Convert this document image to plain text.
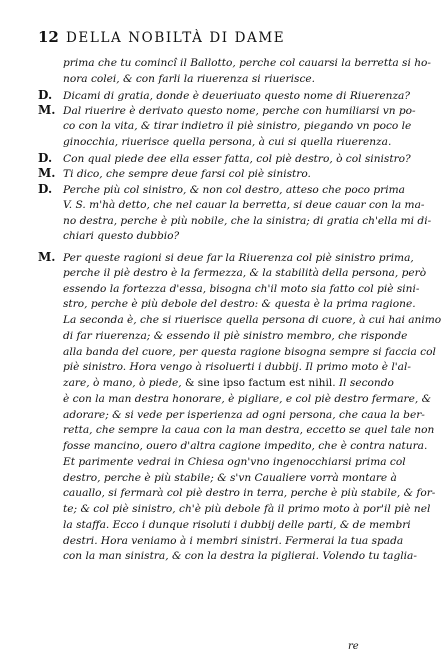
12 DELLA NOBILTÀ DI DAME
prima che tu comincî il Ballotto, perche col cauarsi la berretta si ho-
nora colei, & con farli la riuerenza si riuerisce.
D. Dicami di gratia, donde è deueriuato questo nome di Riuerenza?
M. Dal riuerire è derivato questo nome, perche con humiliarsi vn po-
co con la vita, & tirar indietro il piè sinistro, piegando vn poco le
ginocchia, riuerisce quella persona, à cui si quella riuerenza.
D. Con qual piede dee ella esser fatta, col piè destro, ò col sinistro?
M. Ti dico, che sempre deue farsi col piè sinistro.
D. Perche più col sinistro, & non col destro, atteso che poco prima
V. S. m'hà detto, che nel cauar la berretta, si deue cauar con la ma-
no destra, perche è più nobile, che la sinistra; di gratia ch'ella mi di-
chiari questo dubbio?
M. Per queste ragioni si deue far la Riuerenza col piè sinistro prima,
perche il piè destro è la fermezza, & la stabilità della persona, però
essendo la fortezza d'essa, bisogna ch'il moto sia fatto col piè sini-
stro, perche è più debole del destro: & questa è la prima ragione.
La seconda è, che si riuerisce quella persona di cuore, à cui hai animo
di far riuerenza; & essendo il piè sinistro membro, che risponde
alla banda del cuore, per questa ragione bisogna sempre si faccia col
piè sinistro. Hora vengo à risoluerti i dubbij. Il primo moto è l'al-
zare, ò mano, ò piede, & sine ipso factum est nihil. Il secondo
è con la man destra honorare, è pigliare, e col piè destro fermare, &
adorare; & si vede per isperienza ad ogni persona, che caua la ber-
retta, che sempre la caua con la man destra, eccetto se quel tale non
fosse mancino, ouero d'altra cagione impedito, che è contra natura.
Et parimente vedrai in Chiesa ogn'vno ingenocchiarsi prima col
destro, perche è più stabile; & s'vn Caualiere vorrà montare à
cauallo, si fermarà col piè destro in terra, perche è più stabile, & for-
te; & col piè sinistro, ch'è più debole fà il primo moto à por'il piè nel
la staffa. Ecco i dunque risoluti i dubbij delle parti, & de membri
destri. Hora veniamo à i membri sinistri. Fermerai la tua spada
con la man sinistra, & con la destra la piglierai. Volendo tu taglia-
re
